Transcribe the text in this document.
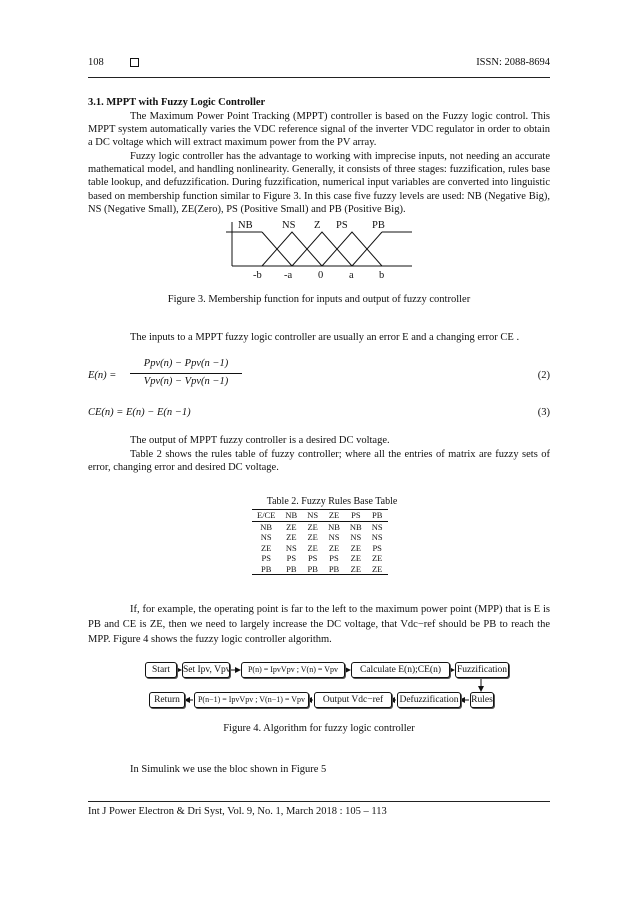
108	ISSN: 2088-8694
3.1. MPPT with Fuzzy Logic Controller
The Maximum Power Point Tracking (MPPT) controller is based on the Fuzzy logic control. This MPPT system automatically varies the VDC reference signal of the inverter VDC regulator in order to obtain a DC voltage which will extract maximum power from the PV array.
Fuzzy logic controller has the advantage to working with imprecise inputs, not needing an accurate mathematical model, and handling nonlinearity. Generally, it consists of three stages: fuzzification, rules base table lookup, and defuzzification. During fuzzification, numerical input variables are converted into linguistic based on membership function similar to Figure 3. In this case five fuzzy levels are used: NB (Negative Big), NS (Negative Small), ZE(Zero), PS (Positive Small) and PB (Positive Big).
NB	NS Z PS PB
-b -a 0 a b
Figure 3. Membership function for inputs and output of fuzzy controller
The inputs to a MPPT fuzzy logic controller are usually an error E and a changing error CE .
E(n) =
Ppv(n) − Ppv(n −1)
Vpv(n) − Vpv(n −1)
(2)
CE(n) = E(n) − E(n −1)	(3)
The output of MPPT fuzzy controller is a desired DC voltage.
Table 2 shows the rules table of fuzzy controller; where all the entries of matrix are fuzzy sets of error, changing error and desired DC voltage.
Table 2. Fuzzy Rules Base Table
E/CE	NB	NS	ZE	PS	PB
NB	ZE	ZE	NB	NB	NS
NS	ZE	ZE	NS	NS	NS
ZE	NS	ZE	ZE	ZE	PS
PS	PS	PS	PS	ZE	ZE
PB	PB	PB	PB	ZE	ZE
If, for example, the operating point is far to the left to the maximum power point (MPP) that is E is PB and CE is ZE, then we need to largely increase the DC voltage, that Vdc−ref should be PB to reach the MPP. Figure 4 shows the fuzzy logic controller algorithm.
Start	Set Ipv, Vpv	P(n) = IpvVpv ; V(n) = Vpv	Calculate E(n);CE(n)	Fuzzification
Rules
Defuzzification
Output Vdc−ref
P(n−1) = IpvVpv ; V(n−1) = Vpv
Return
Figure 4. Algorithm for fuzzy logic controller
In Simulink we use the bloc shown in Figure 5
Int J Power Electron & Dri Syst, Vol. 9, No. 1, March 2018 : 105 – 113
